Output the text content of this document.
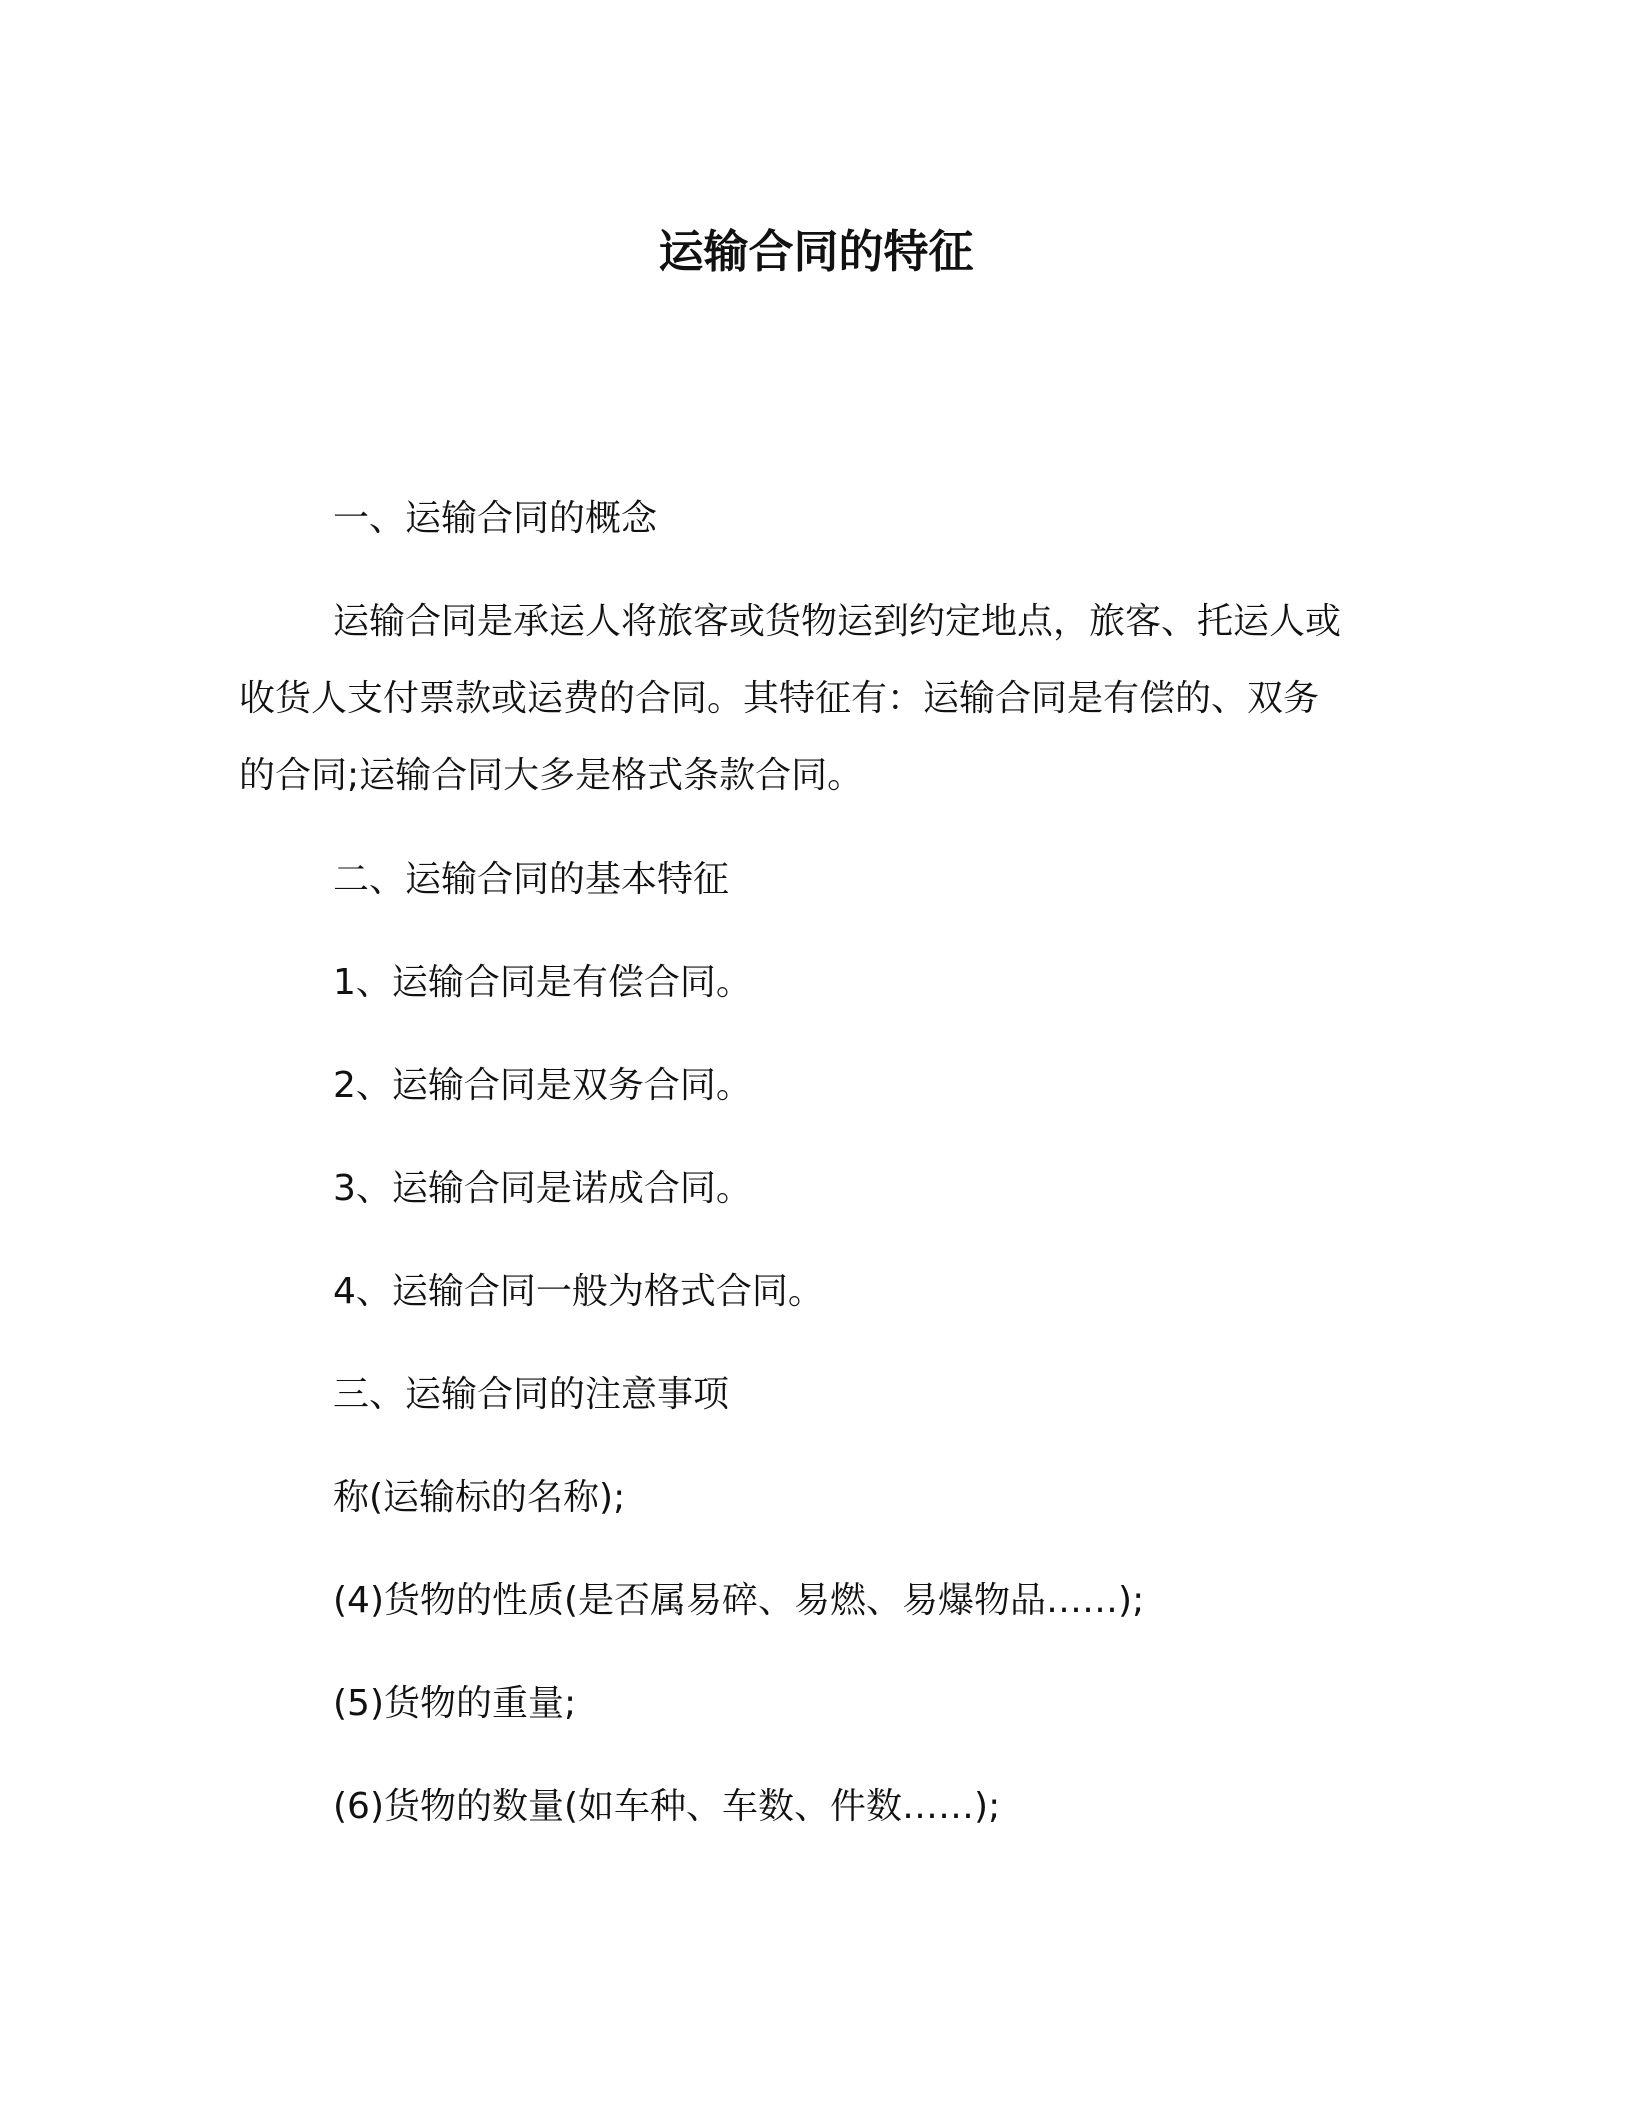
运输合同的特征
一、运输合同的概念
运输合同是承运人将旅客或货物运到约定地点，旅客、托运人或
收货人支付票款或运费的合同。其特征有：运输合同是有偿的、双务
的合同;运输合同大多是格式条款合同。
二、运输合同的基本特征
1、运输合同是有偿合同。
2、运输合同是双务合同。
3、运输合同是诺成合同。
4、运输合同一般为格式合同。
三、运输合同的注意事项
称(运输标的名称);
(4)货物的性质(是否属易碎、易燃、易爆物品……);
(5)货物的重量;
(6)货物的数量(如车种、车数、件数……);
